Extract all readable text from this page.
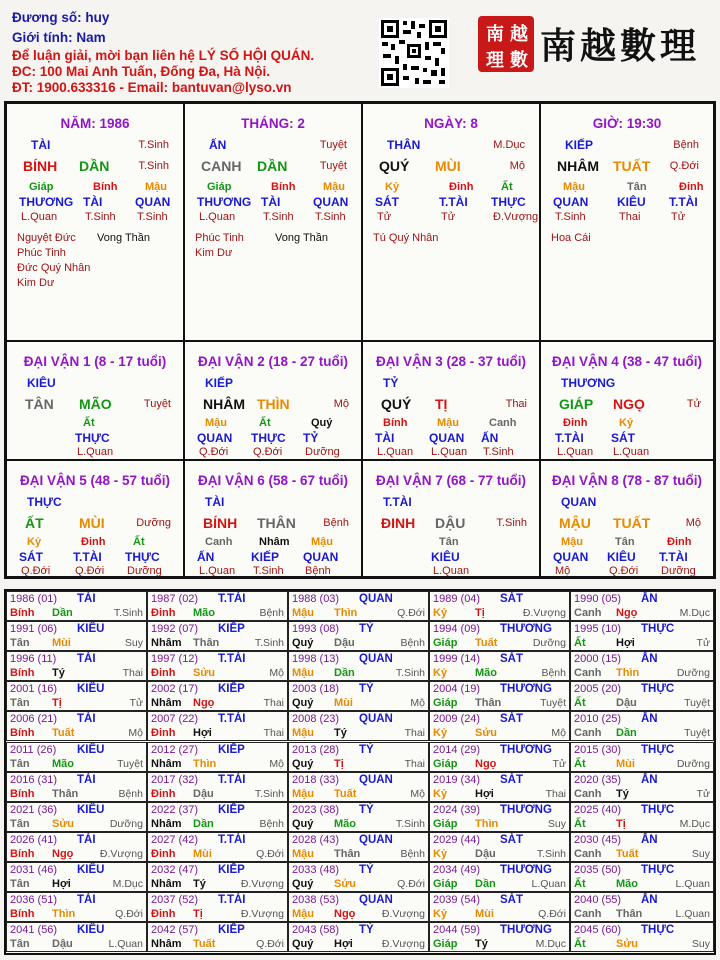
Đương số: huy
Giới tính: Nam
Để luận giải, mời bạn liên hệ LÝ SỐ HỘI QUÁN.
ĐC: 100 Mai Anh Tuấn, Đống Đa, Hà Nội.
ĐT: 1900.633316 - Email: bantuvan@lyso.vn
越
南
數
理 南越數理
NĂM: 1986
TÀI	T.Sinh
BÍNH DẦN	T.Sinh
Giáp
THƯƠNG
L.Quan
Bính
TÀI
T.Sinh
Mậu
QUAN
T.Sinh
Nguyệt Đức
Phúc Tinh
Đức Quý Nhân
Kim Dư
Vong Thần
THÁNG: 2
ẤN	Tuyệt
CANH DẦN	Tuyệt
Giáp
THƯƠNG
L.Quan
Bính
TÀI
T.Sinh
Mậu
QUAN
T.Sinh
Phúc Tinh
Kim Dư
Vong Thần
NGÀY: 8
THÂN	M.Dục
QUÝ MÙI	Mộ
Kỷ
SÁT
Tử
Đinh
T.TÀI
Tử
Ất
THỰC
Đ.Vượng
Tú Quý Nhân
GIỜ: 19:30
KIẾP	Bệnh
NHÂM TUẤT Q.Đới
Mậu
QUAN
T.Sinh
Tân
KIÊU
Thai
Đinh
T.TÀI
Tử
Hoa Cái
ĐẠI VẬN 1 (8 - 17 tuổi)
KIÊU
TÂN MÃO	Tuyệt
Ất
THỰC
L.Quan
ĐẠI VẬN 2 (18 - 27 tuổi)
KIẾP
NHÂM THÌN	Mộ
Mậu
QUAN
Q.Đới
Ất
THỰC
Q.Đới
Quý
TỶ
Dưỡng
ĐẠI VẬN 3 (28 - 37 tuổi)
TỶ
QUÝ TỊ	Thai
Bính
TÀI
L.Quan
Mậu
QUAN
L.Quan
Canh
ẤN
T.Sinh
ĐẠI VẬN 4 (38 - 47 tuổi)
THƯƠNG
GIÁP NGỌ	Tử
Đinh
T.TÀI
L.Quan
Kỷ
SÁT
L.Quan
ĐẠI VẬN 5 (48 - 57 tuổi)
THỰC
ẤT	MÙI	Dưỡng
Kỷ
SÁT
Q.Đới
Đinh
T.TÀI
Q.Đới
Ất
THỰC
Dưỡng
ĐẠI VẬN 6 (58 - 67 tuổi)
TÀI
BÍNH THÂN Bệnh
Canh
ẤN
L.Quan
Nhâm
KIẾP
T.Sinh
Mậu
QUAN
Bệnh
ĐẠI VẬN 7 (68 - 77 tuổi)
T.TÀI
ĐINH DẬU	T.Sinh
Tân
KIÊU
L.Quan
ĐẠI VẬN 8 (78 - 87 tuổi)
QUAN
MẬU TUẤT	Mộ
Mậu
QUAN
Mộ
Tân
KIÊU
Q.Đới
Đinh
T.TÀI
Dưỡng
1986 (01) TÀI
Bính Dần	T.Sinh
1987 (02) T.TÀI
Đinh Mão	Bệnh
1988 (03) QUAN
Mậu Thìn	Q.Đới
1989 (04) SÁT
Kỷ	Tị	Đ.Vượng
1990 (05) ẤN
Canh Ngọ	M.Dục
1991 (06) KIÊU
Tân Mùi	Suy
1992 (07) KIẾP
Nhâm Thân	T.Sinh
1993 (08) TỶ
Quý Dậu	Bệnh
1994 (09) THƯƠNG
Giáp Tuất	Dưỡng
1995 (10) THỰC
Ất	Hợi	Tử
1996 (11) TÀI
Bính Tý	Thai
1997 (12) T.TÀI
Đinh Sửu	Mộ
1998 (13) QUAN
Mậu Dần	T.Sinh
1999 (14) SÁT
Kỷ	Mão	Bệnh
2000 (15) ẤN
Canh Thìn	Dưỡng
2001 (16) KIÊU
Tân Tị	Tử
2002 (17) KIẾP
Nhâm Ngọ	Thai
2003 (18) TỶ
Quý Mùi	Mộ
2004 (19) THƯƠNG
Giáp Thân	Tuyệt
2005 (20) THỰC
Ất	Dậu	Tuyệt
2006 (21) TÀI
Bính Tuất	Mộ
2007 (22) T.TÀI
Đinh Hợi	Thai
2008 (23) QUAN
Mậu Tý	Thai
2009 (24) SÁT
Kỷ	Sửu	Mộ
2010 (25) ẤN
Canh Dần	Tuyệt
2011 (26) KIÊU
Tân Mão	Tuyệt
2012 (27) KIẾP
Nhâm Thìn	Mộ
2013 (28) TỶ
Quý Tị	Thai
2014 (29) THƯƠNG
Giáp Ngọ	Tử
2015 (30) THỰC
Ất	Mùi	Dưỡng
2016 (31) TÀI
Bính Thân	Bệnh
2017 (32) T.TÀI
Đinh Dậu	T.Sinh
2018 (33) QUAN
Mậu Tuất	Mộ
2019 (34) SÁT
Kỷ	Hợi	Thai
2020 (35) ẤN
Canh Tý	Tử
2021 (36) KIÊU
Tân Sửu	Dưỡng
2022 (37) KIẾP
Nhâm Dần	Bệnh
2023 (38) TỶ
Quý Mão	T.Sinh
2024 (39) THƯƠNG
Giáp Thìn	Suy
2025 (40) THỰC
Ất	Tị	M.Dục
2026 (41) TÀI
Bính Ngọ	Đ.Vượng
2027 (42) T.TÀI
Đinh Mùi	Q.Đới
2028 (43) QUAN
Mậu Thân	Bệnh
2029 (44) SÁT
Kỷ	Dậu	T.Sinh
2030 (45) ẤN
Canh Tuất	Suy
2031 (46) KIÊU
Tân Hợi	M.Dục
2032 (47) KIẾP
Nhâm Tý	Đ.Vượng
2033 (48) TỶ
Quý Sửu	Q.Đới
2034 (49) THƯƠNG
Giáp Dần	L.Quan
2035 (50) THỰC
Ất	Mão	L.Quan
2036 (51) TÀI
Bính Thìn	Q.Đới
2037 (52) T.TÀI
Đinh Tị	Đ.Vượng
2038 (53) QUAN
Mậu Ngọ	Đ.Vượng
2039 (54) SÁT
Kỷ	Mùi	Q.Đới
2040 (55) ẤN
Canh Thân	L.Quan
2041 (56) KIÊU
Tân Dậu	L.Quan
2042 (57) KIẾP
Nhâm Tuất	Q.Đới
2043 (58) TỶ
Quý Hợi	Đ.Vượng
2044 (59) THƯƠNG
Giáp Tý	M.Dục
2045 (60) THỰC
Ất	Sửu	Suy
